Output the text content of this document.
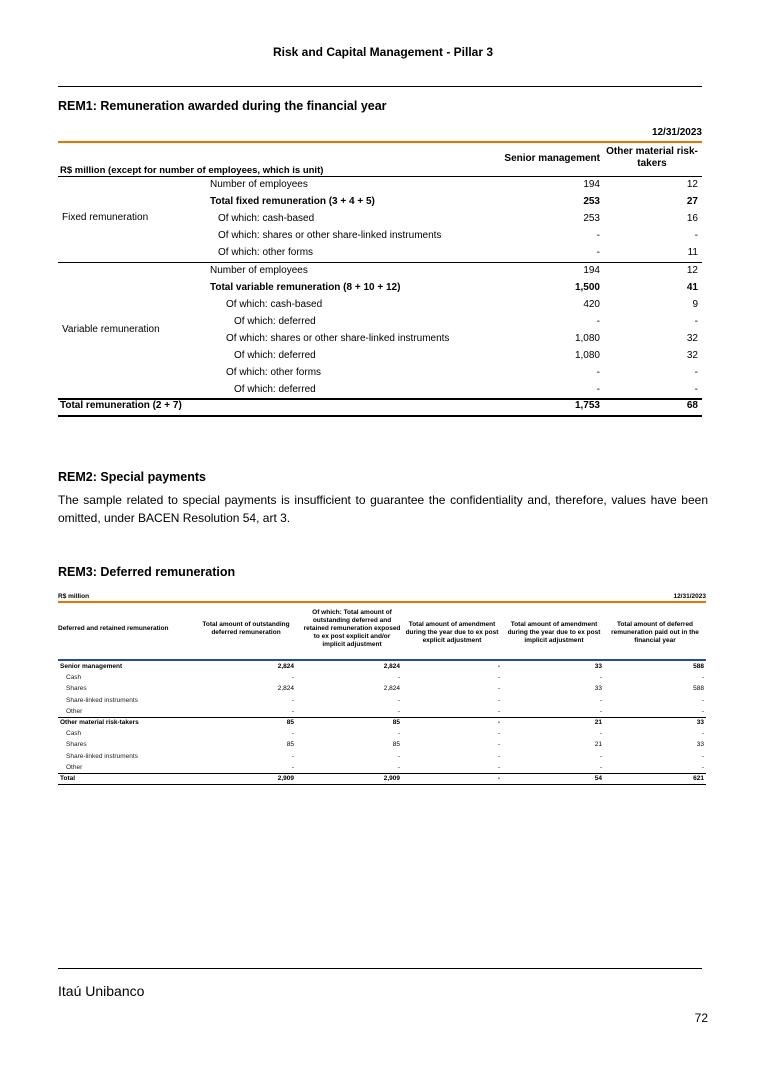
Risk and Capital Management - Pillar 3
REM1: Remuneration awarded during the financial year
12/31/2023
R$ million (except for number of employees, which is unit)
Senior management
Other material risk-takers
Fixed remuneration
Number of employees	194	12
Total fixed remuneration (3 + 4 + 5)	253	27
Of which: cash-based	253	16
Of which: shares or other share-linked instruments	-	-
Of which: other forms	-	11
Variable remuneration
Number of employees	194	12
Total variable remuneration (8 + 10 + 12)	1,500	41
Of which: cash-based	420	9
Of which: deferred	-	-
Of which: shares or other share-linked instruments	1,080	32
Of which: deferred	1,080	32
Of which: other forms	-	-
Of which: deferred	-	-
Total remuneration (2 + 7)	1,753	68
REM2: Special payments
The sample related to special payments is insufficient to guarantee the confidentiality and, therefore, values have been omitted, under BACEN Resolution 54, art 3.
REM3: Deferred remuneration
R$ million	12/31/2023
Deferred and retained remuneration
Total amount of outstanding deferred remuneration
Of which: Total amount of outstanding deferred and retained remuneration exposed to ex post explicit and/or implicit adjustment
Total amount of amendment during the year due to ex post explicit adjustment
Total amount of amendment during the year due to ex post implicit adjustment
Total amount of deferred remuneration paid out in the financial year
Senior management	2,824	2,824	-	33	588
Cash	-	-	-	-	-
Shares	2,824	2,824	-	33	588
Share-linked instruments	-	-	-	-	-
Other	-	-	-	-	-
Other material risk-takers	85	85	-	21	33
Cash	-	-	-	-	-
Shares	85	85	-	21	33
Share-linked instruments	-	-	-	-	-
Other	-	-	-	-	-
Total	2,909	2,909	-	54	621
Itaú Unibanco
72
